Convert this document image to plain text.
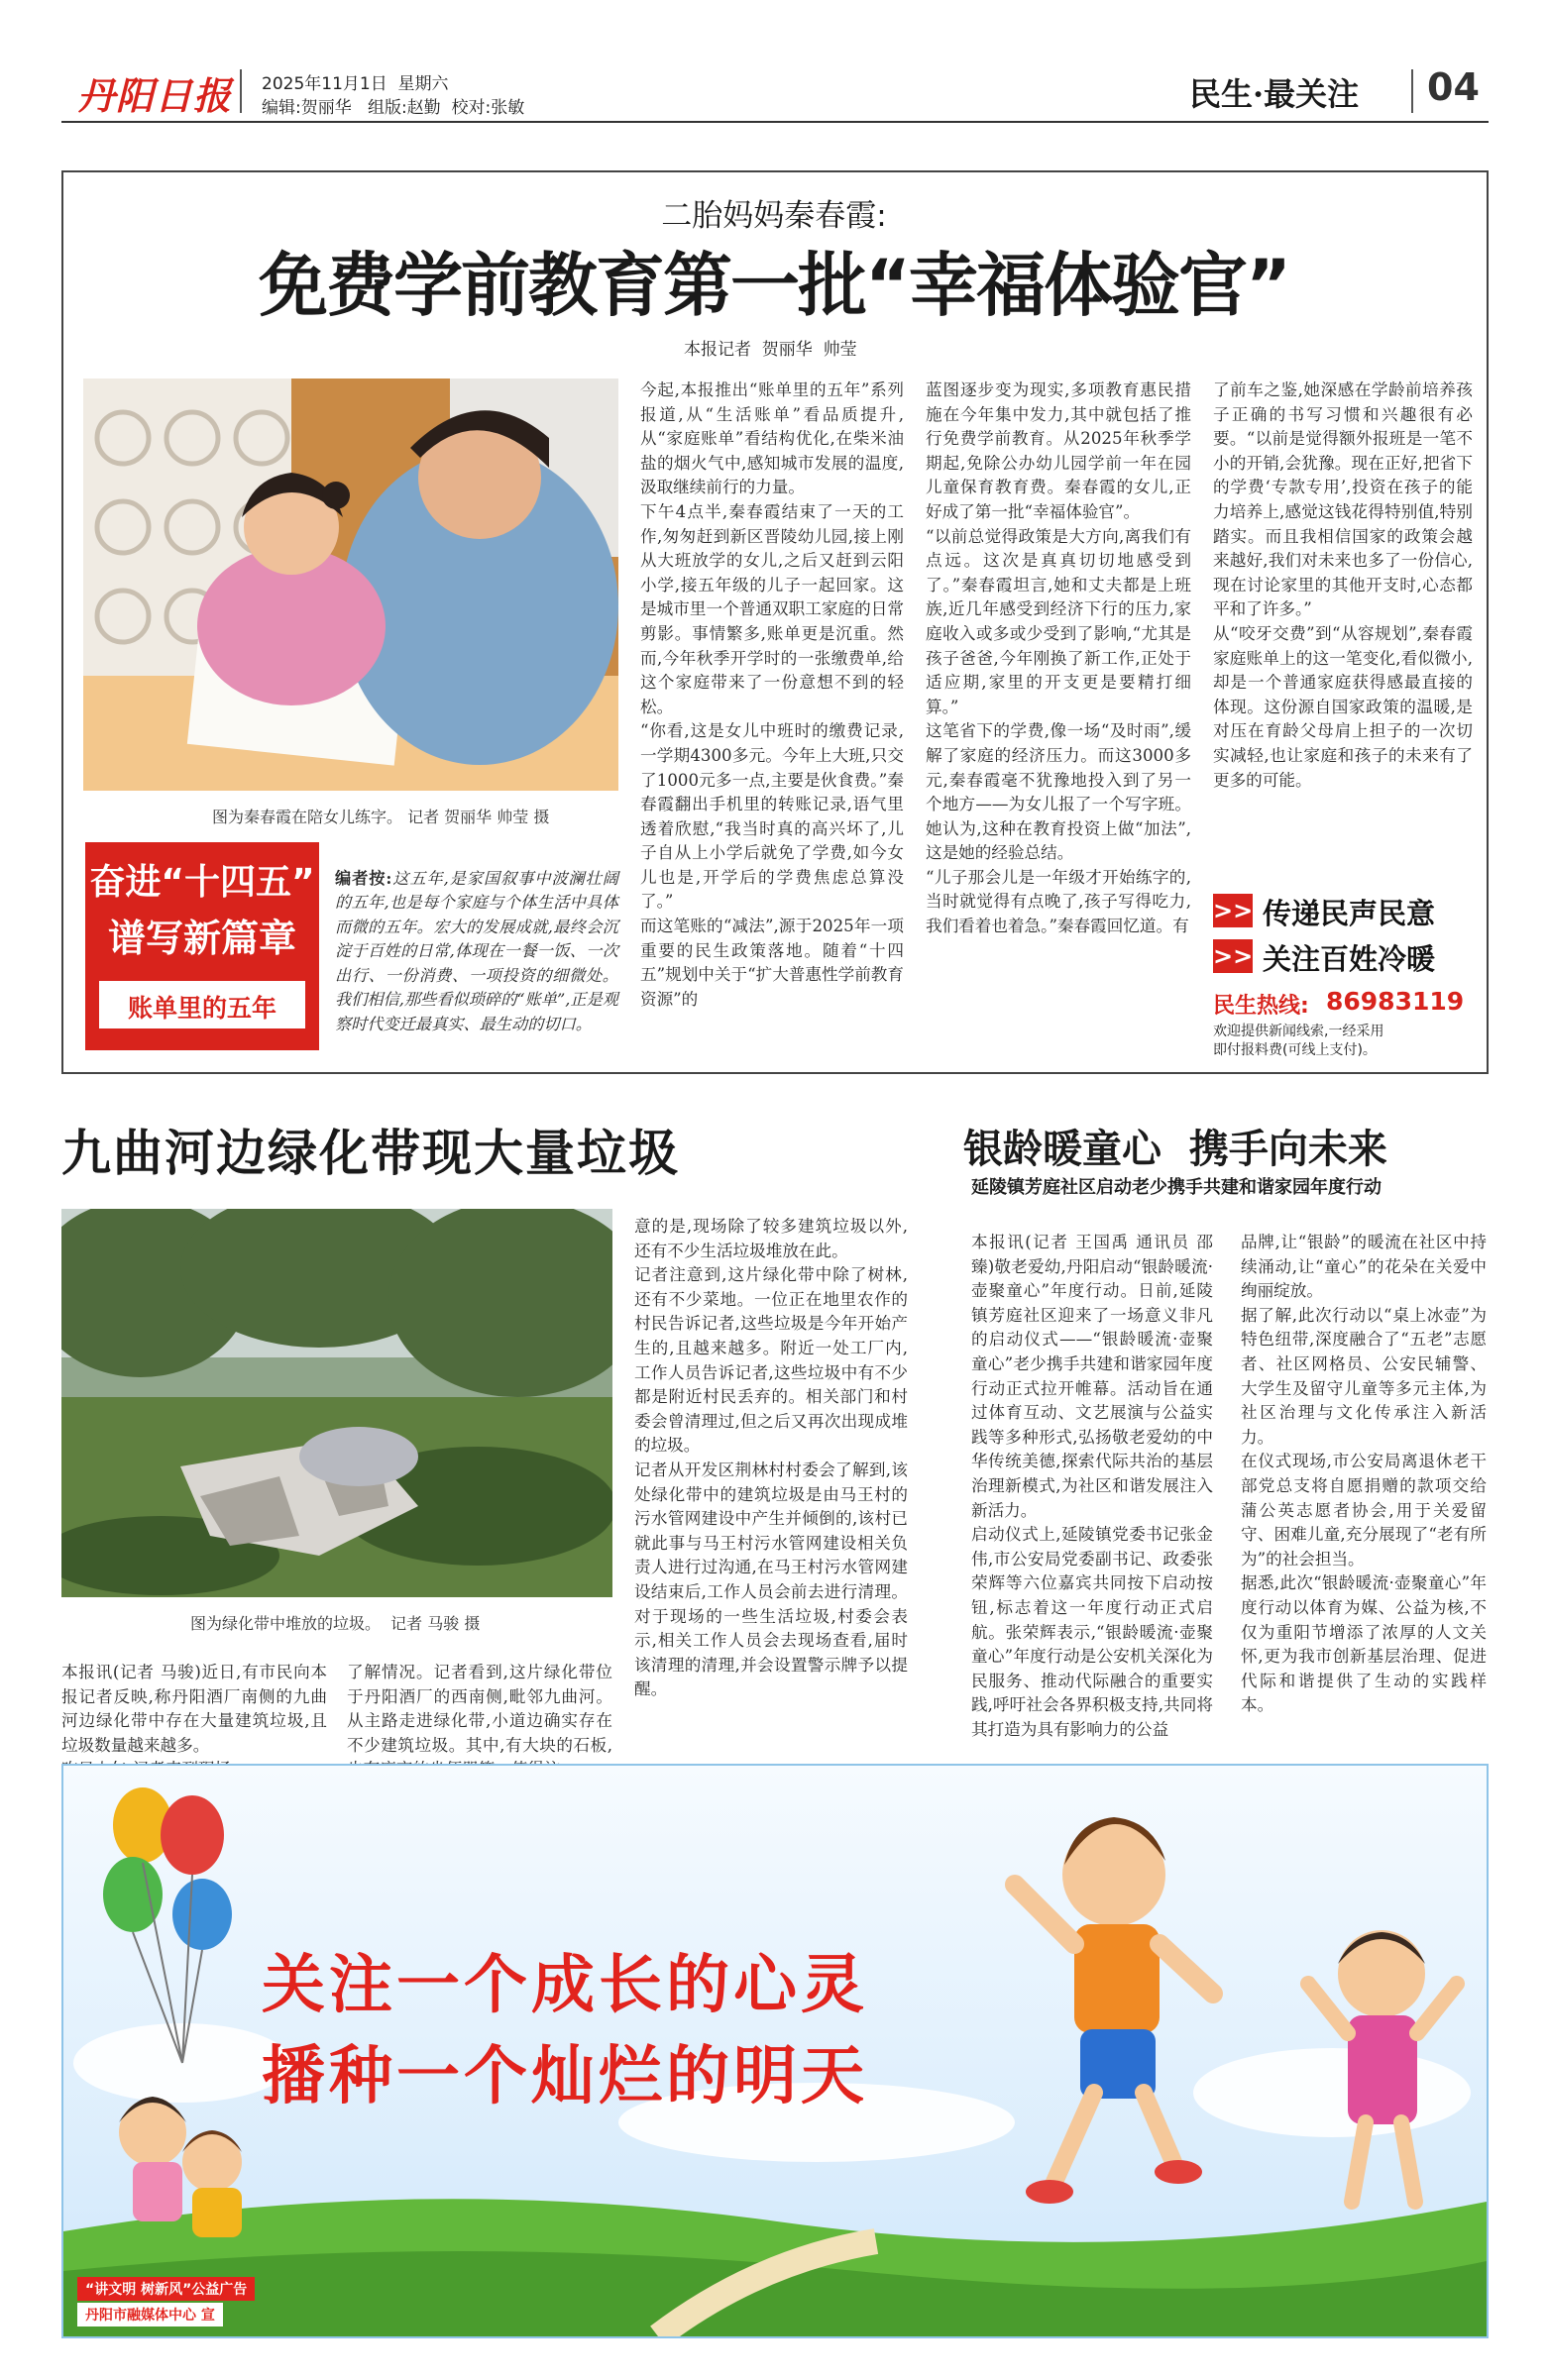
丹阳日报 2025年11月1日  星期六
编辑:贺丽华   组版:赵勤  校对:张敏	民生·最关注 04
二胎妈妈秦春霞:
免费学前教育第一批“幸福体验官”
本报记者  贺丽华  帅莹
图为秦春霞在陪女儿练字。 记者 贺丽华 帅莹 摄
奋进“十四五”
谱写新篇章
账单里的五年

编者按:这五年,是家国叙事中波澜壮阔的五年,也是每个家庭与个体生活中具体而微的五年。宏大的发展成就,最终会沉淀于百姓的日常,体现在一餐一饭、一次出行、一份消费、一项投资的细微处。我们相信,那些看似琐碎的“账单”,正是观察时代变迁最真实、最生动的切口。

今起,本报推出“账单里的五年”系列报道,从“生活账单”看品质提升,从“家庭账单”看结构优化,在柴米油盐的烟火气中,感知城市发展的温度,汲取继续前行的力量。
下午4点半,秦春霞结束了一天的工作,匆匆赶到新区晋陵幼儿园,接上刚从大班放学的女儿,之后又赶到云阳小学,接五年级的儿子一起回家。这是城市里一个普通双职工家庭的日常剪影。事情繁多,账单更是沉重。然而,今年秋季开学时的一张缴费单,给这个家庭带来了一份意想不到的轻松。
“你看,这是女儿中班时的缴费记录,一学期4300多元。今年上大班,只交了1000元多一点,主要是伙食费。”秦春霞翻出手机里的转账记录,语气里透着欣慰,“我当时真的高兴坏了,儿子自从上小学后就免了学费,如今女儿也是,开学后的学费焦虑总算没了。”
而这笔账的“减法”,源于2025年一项重要的民生政策落地。随着“十四五”规划中关于“扩大普惠性学前教育资源”的
蓝图逐步变为现实,多项教育惠民措施在今年集中发力,其中就包括了推行免费学前教育。从2025年秋季学期起,免除公办幼儿园学前一年在园儿童保育教育费。秦春霞的女儿,正好成了第一批“幸福体验官”。
“以前总觉得政策是大方向,离我们有点远。这次是真真切切地感受到了。”秦春霞坦言,她和丈夫都是上班族,近几年感受到经济下行的压力,家庭收入或多或少受到了影响,“尤其是孩子爸爸,今年刚换了新工作,正处于适应期,家里的开支更是要精打细算。”
这笔省下的学费,像一场“及时雨”,缓解了家庭的经济压力。而这3000多元,秦春霞毫不犹豫地投入到了另一个地方——为女儿报了一个写字班。她认为,这种在教育投资上做“加法”,这是她的经验总结。
“儿子那会儿是一年级才开始练字的,当时就觉得有点晚了,孩子写得吃力,我们看着也着急。”秦春霞回忆道。有
了前车之鉴,她深感在学龄前培养孩子正确的书写习惯和兴趣很有必要。“以前是觉得额外报班是一笔不小的开销,会犹豫。现在正好,把省下的学费‘专款专用’,投资在孩子的能力培养上,感觉这钱花得特别值,特别踏实。而且我相信国家的政策会越来越好,我们对未来也多了一份信心,现在讨论家里的其他开支时,心态都平和了许多。”
从“咬牙交费”到“从容规划”,秦春霞家庭账单上的这一笔变化,看似微小,却是一个普通家庭获得感最直接的体现。这份源自国家政策的温暖,是对压在育龄父母肩上担子的一次切实减轻,也让家庭和孩子的未来有了更多的可能。
>> 传递民声民意
>> 关注百姓冷暖
民生热线: 86983119
欢迎提供新闻线索,一经采用
即付报料费(可线上支付)。
九曲河边绿化带现大量垃圾
图为绿化带中堆放的垃圾。  记者 马骏 摄
本报讯(记者 马骏)近日,有市民向本报记者反映,称丹阳酒厂南侧的九曲河边绿化带中存在大量建筑垃圾,且垃圾数量越来越多。

了解情况。记者看到,这片绿化带位于丹阳酒厂的西南侧,毗邻九曲河。从主路走进绿化带,小道边确实存在不少建筑垃圾。其中,有大块的石板,
意的是,现场除了较多建筑垃圾以外,还有不少生活垃圾堆放在此。
记者注意到,这片绿化带中除了树林,还有不少菜地。一位正在地里农作的村民告诉记者,这些垃圾是今年开始产生的,且越来越多。附近一处工厂内,工作人员告诉记者,这些垃圾中有不少都是附近村民丢弃的。相关部门和村委会曾清理过,但之后又再次出现成堆的垃圾。
记者从开发区荆林村村委会了解到,该处绿化带中的建筑垃圾是由马王村的污水管网建设中产生并倾倒的,该村已就此事与马王村污水管网建设相关负责人进行过沟通,在马王村污水管网建设结束后,工作人员会前去进行清理。对于现场的一些生活垃圾,村委会表示,相关工作人员会去现场查看,届时该清理的清理,并会设置警示牌予以提醒。
银龄暖童心  携手向未来
延陵镇芳庭社区启动老少携手共建和谐家园年度行动
本报讯(记者 王国禹 通讯员 邵臻)敬老爱幼,丹阳启动“银龄暖流·壶聚童心”年度行动。日前,延陵镇芳庭社区迎来了一场意义非凡的启动仪式——“银龄暖流·壶聚童心”老少携手共建和谐家园年度行动正式拉开帷幕。活动旨在通过体育互动、文艺展演与公益实践等多种形式,弘扬敬老爱幼的中华传统美德,探索代际共治的基层治理新模式,为社区和谐发展注入新活力。
启动仪式上,延陵镇党委书记张金伟,市公安局党委副书记、政委张荣辉等六位嘉宾共同按下启动按钮,标志着这一年度行动正式启航。张荣辉表示,“银龄暖流·壶聚童心”年度行动是公安机关深化为民服务、推动代际融合的重要实践,呼吁社会各界积极支持,共同将其打造为具有影响力的公益
品牌,让“银龄”的暖流在社区中持续涌动,让“童心”的花朵在关爱中绚丽绽放。
据了解,此次行动以“桌上冰壶”为特色纽带,深度融合了“五老”志愿者、社区网格员、公安民辅警、大学生及留守儿童等多元主体,为社区治理与文化传承注入新活力。
在仪式现场,市公安局离退休老干部党总支将自愿捐赠的款项交给蒲公英志愿者协会,用于关爱留守、困难儿童,充分展现了“老有所为”的社会担当。
据悉,此次“银龄暖流·壶聚童心”年度行动以体育为媒、公益为核,不仅为重阳节增添了浓厚的人文关怀,更为我市创新基层治理、促进代际和谐提供了生动的实践样本。
关注一个成长的心灵
播种一个灿烂的明天
“讲文明 树新风”公益广告
丹阳市融媒体中心 宣
